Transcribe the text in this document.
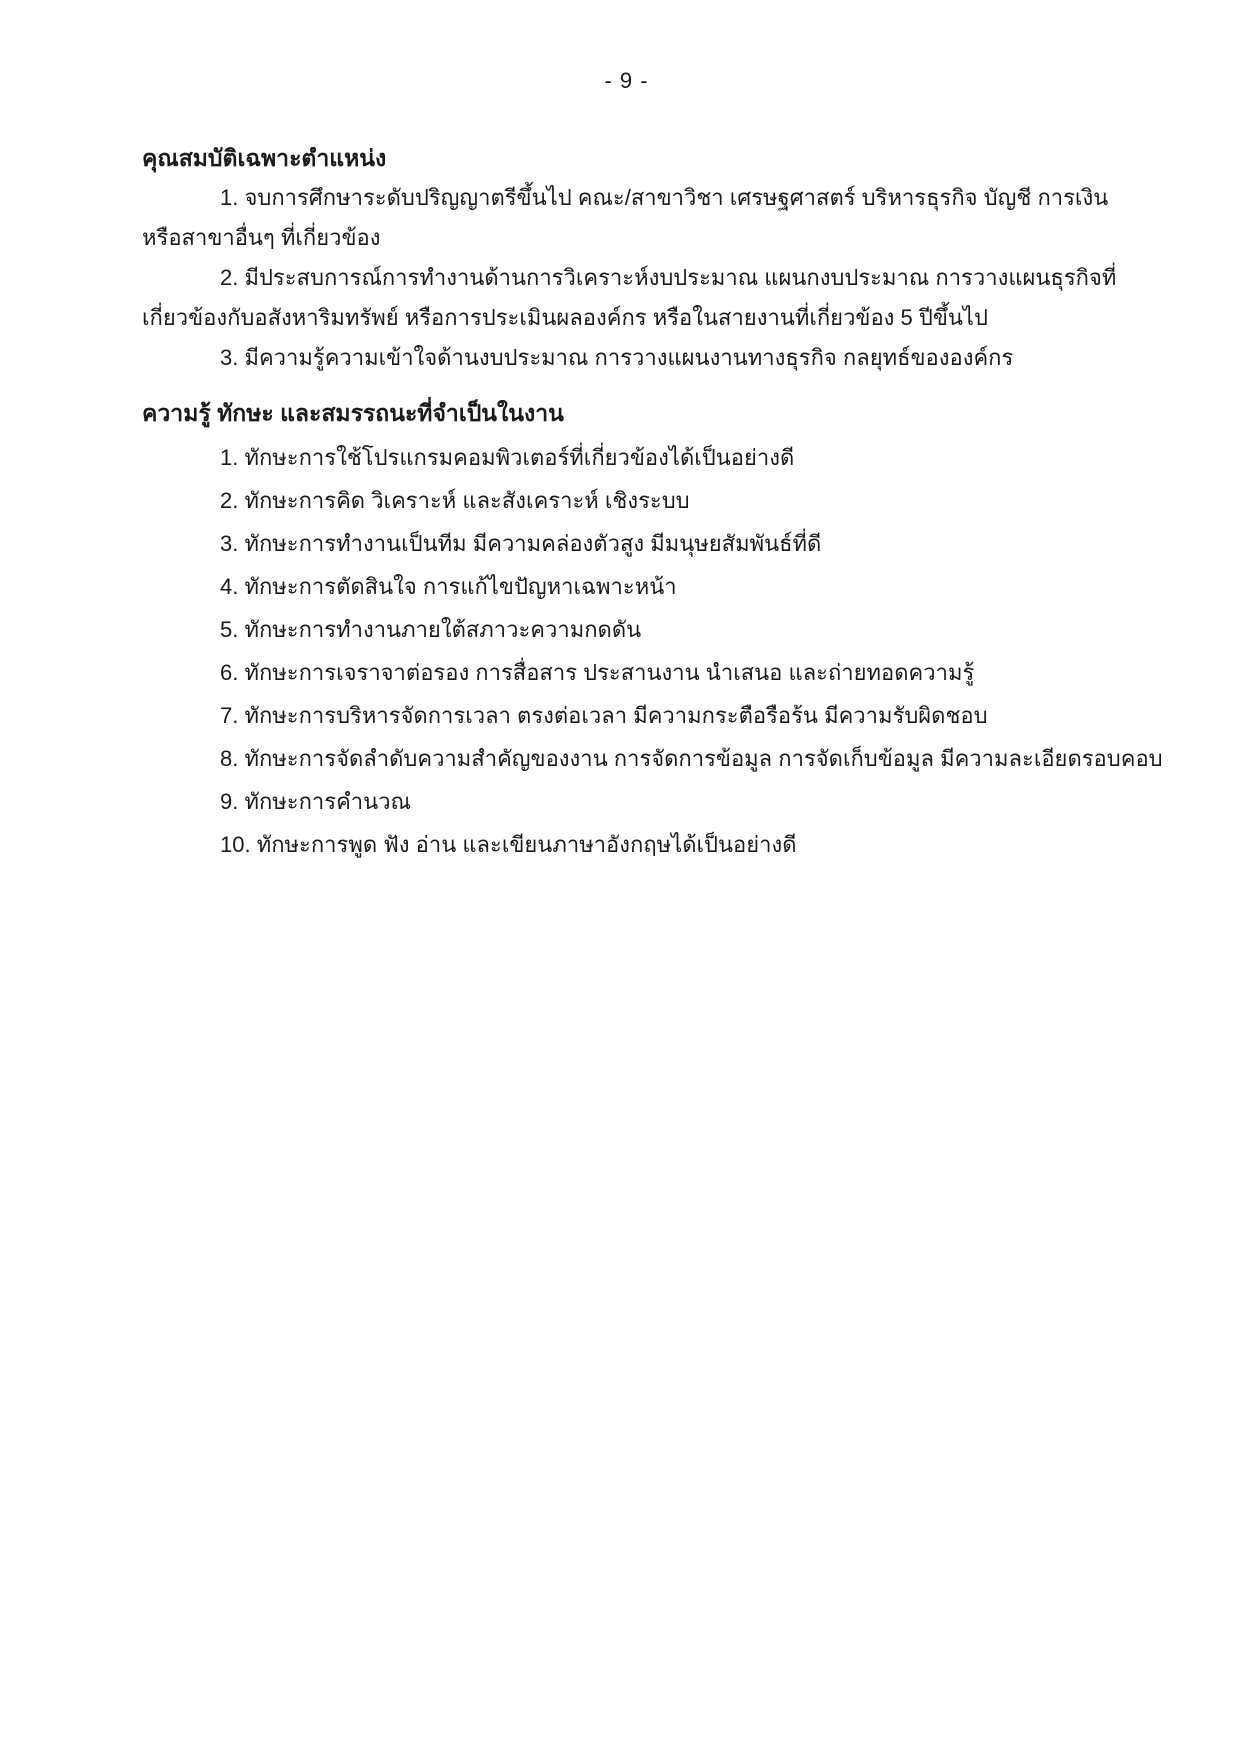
- 9 -

คุณสมบัติเฉพาะตำแหน่ง

1. จบการศึกษาระดับปริญญาตรีขึ้นไป คณะ/สาขาวิชา เศรษฐศาสตร์ บริหารธุรกิจ บัญชี การเงิน

หรือสาขาอื่นๆ ที่เกี่ยวข้อง

2. มีประสบการณ์การทำงานด้านการวิเคราะห์งบประมาณ แผนกงบประมาณ การวางแผนธุรกิจที่

เกี่ยวข้องกับอสังหาริมทรัพย์ หรือการประเมินผลองค์กร หรือในสายงานที่เกี่ยวข้อง 5 ปีขึ้นไป

3. มีความรู้ความเข้าใจด้านงบประมาณ การวางแผนงานทางธุรกิจ กลยุทธ์ขององค์กร

ความรู้ ทักษะ และสมรรถนะที่จำเป็นในงาน

1. ทักษะการใช้โปรแกรมคอมพิวเตอร์ที่เกี่ยวข้องได้เป็นอย่างดี

2. ทักษะการคิด วิเคราะห์ และสังเคราะห์ เชิงระบบ

3. ทักษะการทำงานเป็นทีม มีความคล่องตัวสูง มีมนุษยสัมพันธ์ที่ดี

4. ทักษะการตัดสินใจ การแก้ไขปัญหาเฉพาะหน้า

5. ทักษะการทำงานภายใต้สภาวะความกดดัน

6. ทักษะการเจราจาต่อรอง การสื่อสาร ประสานงาน นำเสนอ และถ่ายทอดความรู้

7. ทักษะการบริหารจัดการเวลา ตรงต่อเวลา มีความกระตือรือร้น มีความรับผิดชอบ

8. ทักษะการจัดลำดับความสำคัญของงาน การจัดการข้อมูล การจัดเก็บข้อมูล มีความละเอียดรอบคอบ

9. ทักษะการคำนวณ

10. ทักษะการพูด ฟัง อ่าน และเขียนภาษาอังกฤษได้เป็นอย่างดี
